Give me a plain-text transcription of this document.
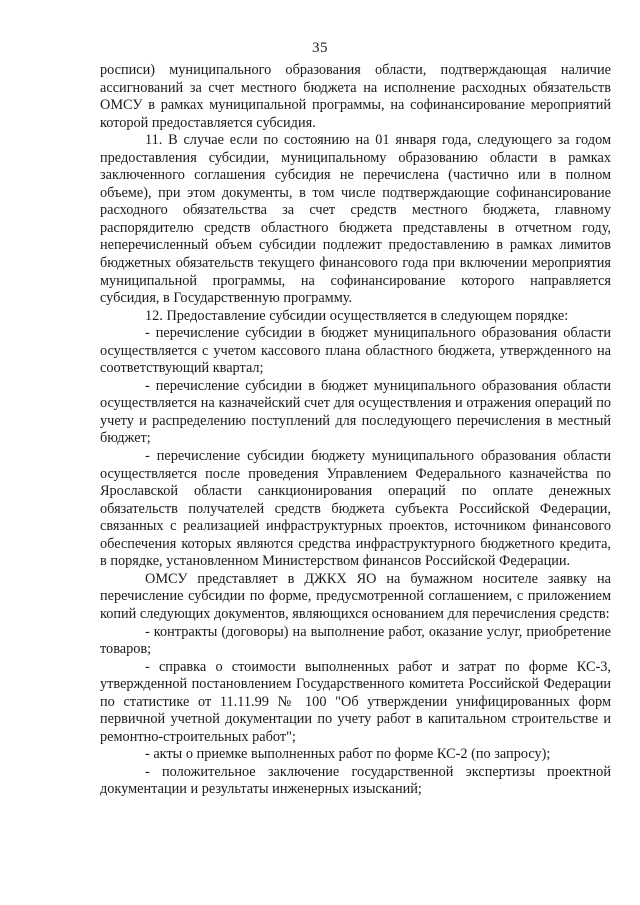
35

росписи) муниципального образования области, подтверждающая наличие ассигнований за счет местного бюджета на исполнение расходных обязательств ОМСУ в рамках муниципальной программы, на софинансирование мероприятий которой предоставляется субсидия.

11. В случае если по состоянию на 01 января года, следующего за годом предоставления субсидии, муниципальному образованию области в рамках заключенного соглашения субсидия не перечислена (частично или в полном объеме), при этом документы, в том числе подтверждающие софинансирование расходного обязательства за счет средств местного бюджета, главному распорядителю средств областного бюджета представлены в отчетном году, неперечисленный объем субсидии подлежит предоставлению в рамках лимитов бюджетных обязательств текущего финансового года при включении мероприятия муниципальной программы, на софинансирование которого направляется субсидия, в Государственную программу.

12. Предоставление субсидии осуществляется в следующем порядке:

- перечисление субсидии в бюджет муниципального образования области осуществляется с учетом кассового плана областного бюджета, утвержденного на соответствующий квартал;

- перечисление субсидии в бюджет муниципального образования области осуществляется на казначейский счет для осуществления и отражения операций по учету и распределению поступлений для последующего перечисления в местный бюджет;

- перечисление субсидии бюджету муниципального образования области осуществляется после проведения Управлением Федерального казначейства по Ярославской области санкционирования операций по оплате денежных обязательств получателей средств бюджета субъекта Российской Федерации, связанных с реализацией инфраструктурных проектов, источником финансового обеспечения которых являются средства инфраструктурного бюджетного кредита, в порядке, установленном Министерством финансов Российской Федерации.

ОМСУ представляет в ДЖКХ ЯО на бумажном носителе заявку на перечисление субсидии по форме, предусмотренной соглашением, с приложением копий следующих документов, являющихся основанием для перечисления средств:

- контракты (договоры) на выполнение работ, оказание услуг, приобретение товаров;

- справка о стоимости выполненных работ и затрат по форме КС-3, утвержденной постановлением Государственного комитета Российской Федерации по статистике от 11.11.99 № 100 "Об утверждении унифицированных форм первичной учетной документации по учету работ в капитальном строительстве и ремонтно-строительных работ";

- акты о приемке выполненных работ по форме КС-2 (по запросу);

- положительное заключение государственной экспертизы проектной документации и результаты инженерных изысканий;
